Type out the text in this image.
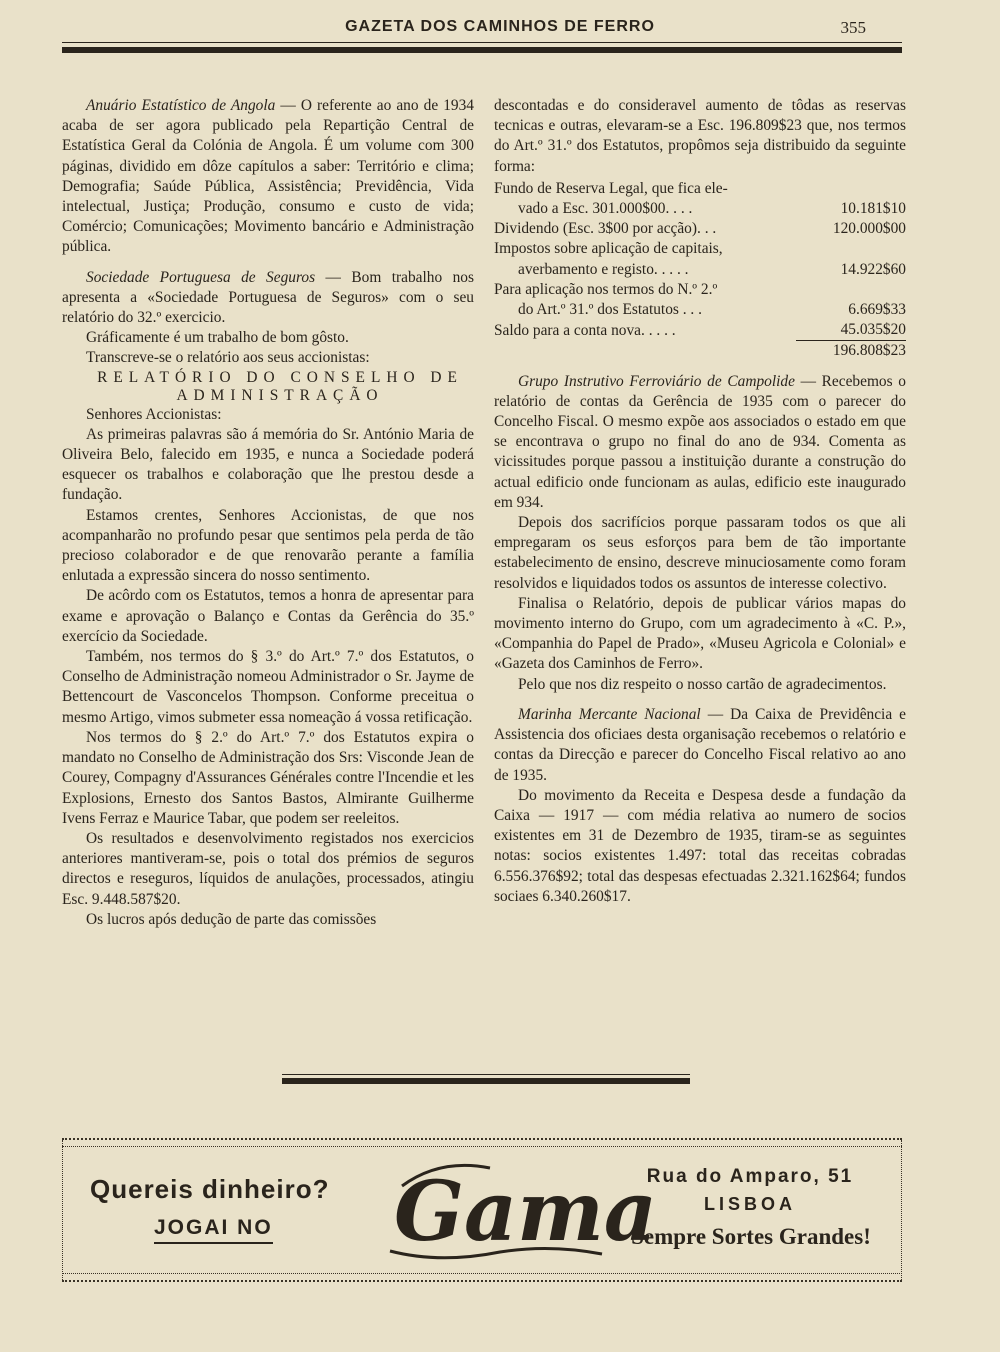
GAZETA DOS CAMINHOS DE FERRO	355

Anuário Estatístico de Angola — O referente ao ano de 1934 acaba de ser agora publicado pela Repartição Central de Estatística Geral da Colónia de Angola. É um volume com 300 páginas, dividido em dôze capítulos a saber: Território e clima; Demografia; Saúde Pública, Assistência; Previdência, Vida intelectual, Justiça; Produção, consumo e custo de vida; Comércio; Comunicações; Movimento bancário e Administração pública.

Sociedade Portuguesa de Seguros — Bom trabalho nos apresenta a «Sociedade Portuguesa de Seguros» com o seu relatório do 32.º exercicio.

Gráficamente é um trabalho de bom gôsto.

Transcreve-se o relatório aos seus accionistas:

RELATÓRIO DO CONSELHO DE

ADMINISTRAÇÃO

Senhores Accionistas:

As primeiras palavras são á memória do Sr. António Maria de Oliveira Belo, falecido em 1935, e nunca a Sociedade poderá esquecer os trabalhos e colaboração que lhe prestou desde a fundação.

Estamos crentes, Senhores Accionistas, de que nos acompanharão no profundo pesar que sentimos pela perda de tão precioso colaborador e de que renovarão perante a família enlutada a expressão sincera do nosso sentimento.

De acôrdo com os Estatutos, temos a honra de apresentar para exame e aprovação o Balanço e Contas da Gerência do 35.º exercício da Sociedade.

Também, nos termos do § 3.º do Art.º 7.º dos Estatutos, o Conselho de Administração nomeou Administrador o Sr. Jayme de Bettencourt de Vasconcelos Thompson. Conforme preceitua o mesmo Artigo, vimos submeter essa nomeação á vossa retificação.

Nos termos do § 2.º do Art.º 7.º dos Estatutos expira o mandato no Conselho de Administração dos Srs: Visconde Jean de Courey, Compagny d'Assurances Générales contre l'Incendie et les Explosions, Ernesto dos Santos Bastos, Almirante Guilherme Ivens Ferraz e Maurice Tabar, que podem ser reeleitos.

Os resultados e desenvolvimento registados nos exercicios anteriores mantiveram-se, pois o total dos prémios de seguros directos e reseguros, líquidos de anulações, processados, atingiu Esc. 9.448.587$20.

Os lucros após dedução de parte das comissões

descontadas e do consideravel aumento de tôdas as reservas tecnicas e outras, elevaram-se a Esc. 196.809$23 que, nos termos do Art.º 31.º dos Estatutos, propômos seja distribuido da seguinte forma:

Fundo de Reserva Legal, que fica ele-	
vado a Esc. 301.000$00. . . .	10.181$10
Dividendo (Esc. 3$00 por acção). . .	120.000$00
Impostos sobre aplicação de capitais,	
averbamento e registo. . . . .	14.922$60
Para aplicação nos termos do N.º 2.º	
do Art.º 31.º dos Estatutos . . .	6.669$33
Saldo para a conta nova. . . . .	45.035$20
	196.808$23

Grupo Instrutivo Ferroviário de Campolide — Recebemos o relatório de contas da Gerência de 1935 com o parecer do Concelho Fiscal. O mesmo expõe aos associados o estado em que se encontrava o grupo no final do ano de 934. Comenta as vicissitudes porque passou a instituição durante a construção do actual edificio onde funcionam as aulas, edificio este inaugurado em 934.

Depois dos sacrifícios porque passaram todos os que ali empregaram os seus esforços para bem de tão importante estabelecimento de ensino, descreve minuciosamente como foram resolvidos e liquidados todos os assuntos de interesse colectivo.

Finalisa o Relatório, depois de publicar vários mapas do movimento interno do Grupo, com um agradecimento à «C. P.», «Companhia do Papel de Prado», «Museu Agricola e Colonial» e «Gazeta dos Caminhos de Ferro».

Pelo que nos diz respeito o nosso cartão de agradecimentos.

Marinha Mercante Nacional — Da Caixa de Previdência e Assistencia dos oficiaes desta organisação recebemos o relatório e contas da Direcção e parecer do Concelho Fiscal relativo ao ano de 1935.

Do movimento da Receita e Despesa desde a fundação da Caixa — 1917 — com média relativa ao numero de socios existentes em 31 de Dezembro de 1935, tiram-se as seguintes notas: socios existentes 1.497: total das receitas cobradas 6.556.376$92; total das despesas efectuadas 2.321.162$64; fundos sociaes 6.340.260$17.

Quereis dinheiro?
JOGAI NO Gama
Rua do Amparo, 51
LISBOA
Sempre Sortes Grandes!
